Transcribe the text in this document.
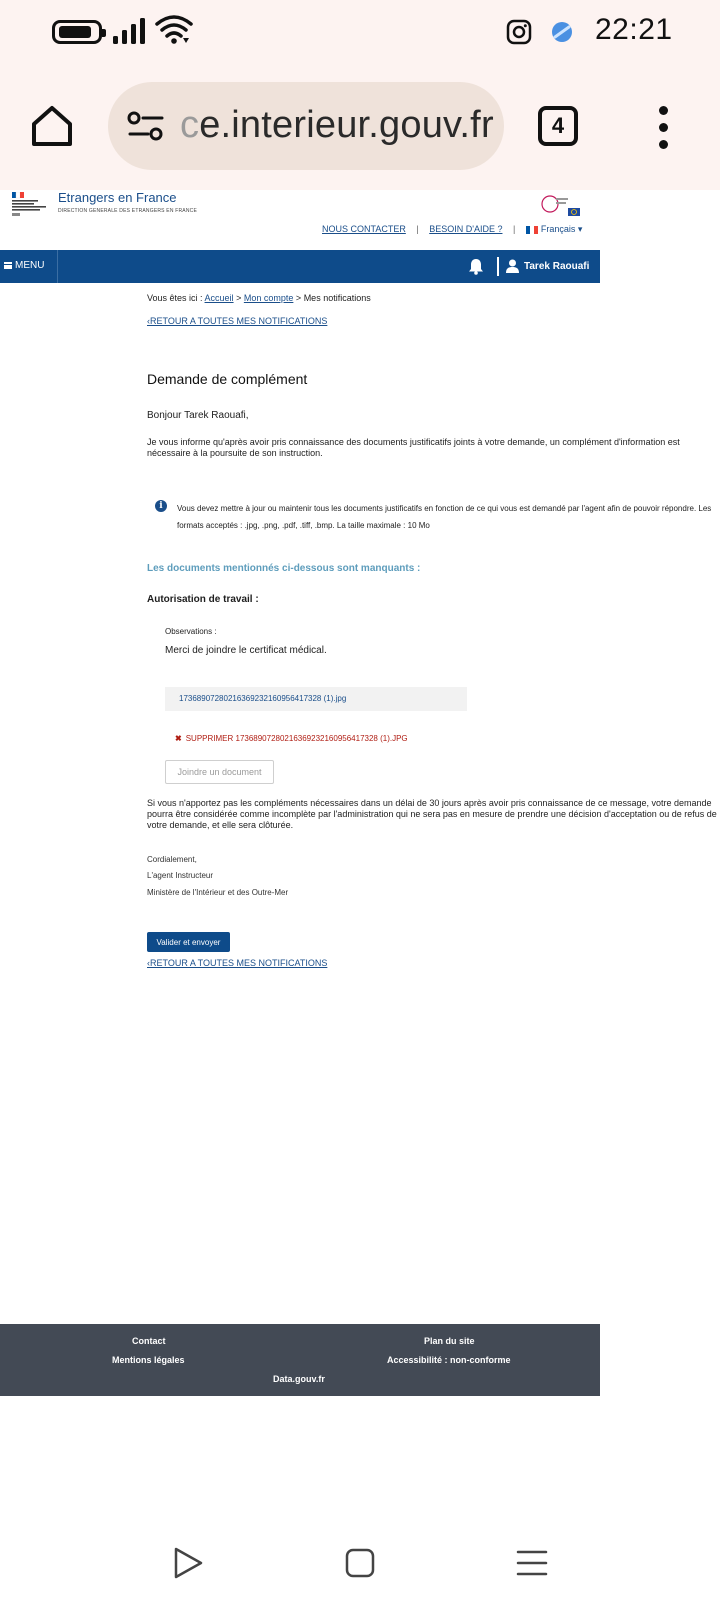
22:21
ce.interieur.gouv.fr	4
Etrangers en France
DIRECTION GENERALE DES ETRANGERS EN FRANCE
NOUS CONTACTER | BESOIN D'AIDE ? |	Français ▾
MENU	Tarek Raouafi
Vous êtes ici : Accueil > Mon compte > Mes notifications
‹RETOUR A TOUTES MES NOTIFICATIONS
Demande de complément
Bonjour Tarek Raouafi,
Je vous informe qu'après avoir pris connaissance des documents justificatifs joints à votre demande, un complément d'information est nécessaire à la poursuite de son instruction.
i	Vous devez mettre à jour ou maintenir tous les documents justificatifs en fonction de ce qui vous est demandé par l'agent afin de pouvoir répondre. Les formats acceptés : .jpg, .png, .pdf, .tiff, .bmp. La taille maximale : 10 Mo
Les documents mentionnés ci-dessous sont manquants :
Autorisation de travail :
Observations :
Merci de joindre le certificat médical.
173689072802163692321609564173​28 (1).jpg
✖ SUPPRIMER 17368907280216369232160956417328 (1).JPG
Joindre un document
Si vous n'apportez pas les compléments nécessaires dans un délai de 30 jours après avoir pris connaissance de ce message, votre demande pourra être considérée comme incomplète par l'administration qui ne sera pas en mesure de prendre une décision d'acceptation ou de refus de votre demande, et elle sera clôturée.
Cordialement,
L'agent Instructeur
Ministère de l'Intérieur et des Outre-Mer
Valider et envoyer
‹RETOUR A TOUTES MES NOTIFICATIONS
Contact	Plan du site
Mentions légales	Accessibilité : non-conforme
Data.gouv.fr
